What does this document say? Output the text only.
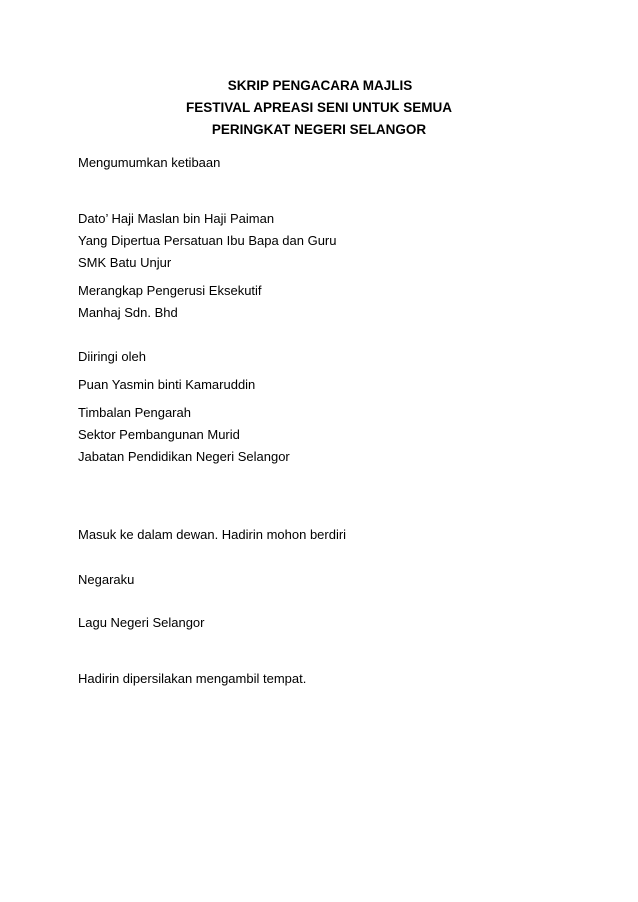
SKRIP PENGACARA MAJLIS
FESTIVAL APREASI SENI UNTUK SEMUA
PERINGKAT NEGERI SELANGOR
Mengumumkan ketibaan
Dato’ Haji Maslan bin Haji Paiman
Yang Dipertua Persatuan Ibu Bapa dan Guru
SMK Batu Unjur
Merangkap Pengerusi Eksekutif
Manhaj Sdn. Bhd
Diiringi oleh
Puan Yasmin binti Kamaruddin
Timbalan Pengarah
Sektor Pembangunan Murid
Jabatan Pendidikan Negeri Selangor
Masuk ke dalam dewan. Hadirin mohon berdiri
Negaraku
Lagu Negeri Selangor
Hadirin dipersilakan mengambil tempat.
